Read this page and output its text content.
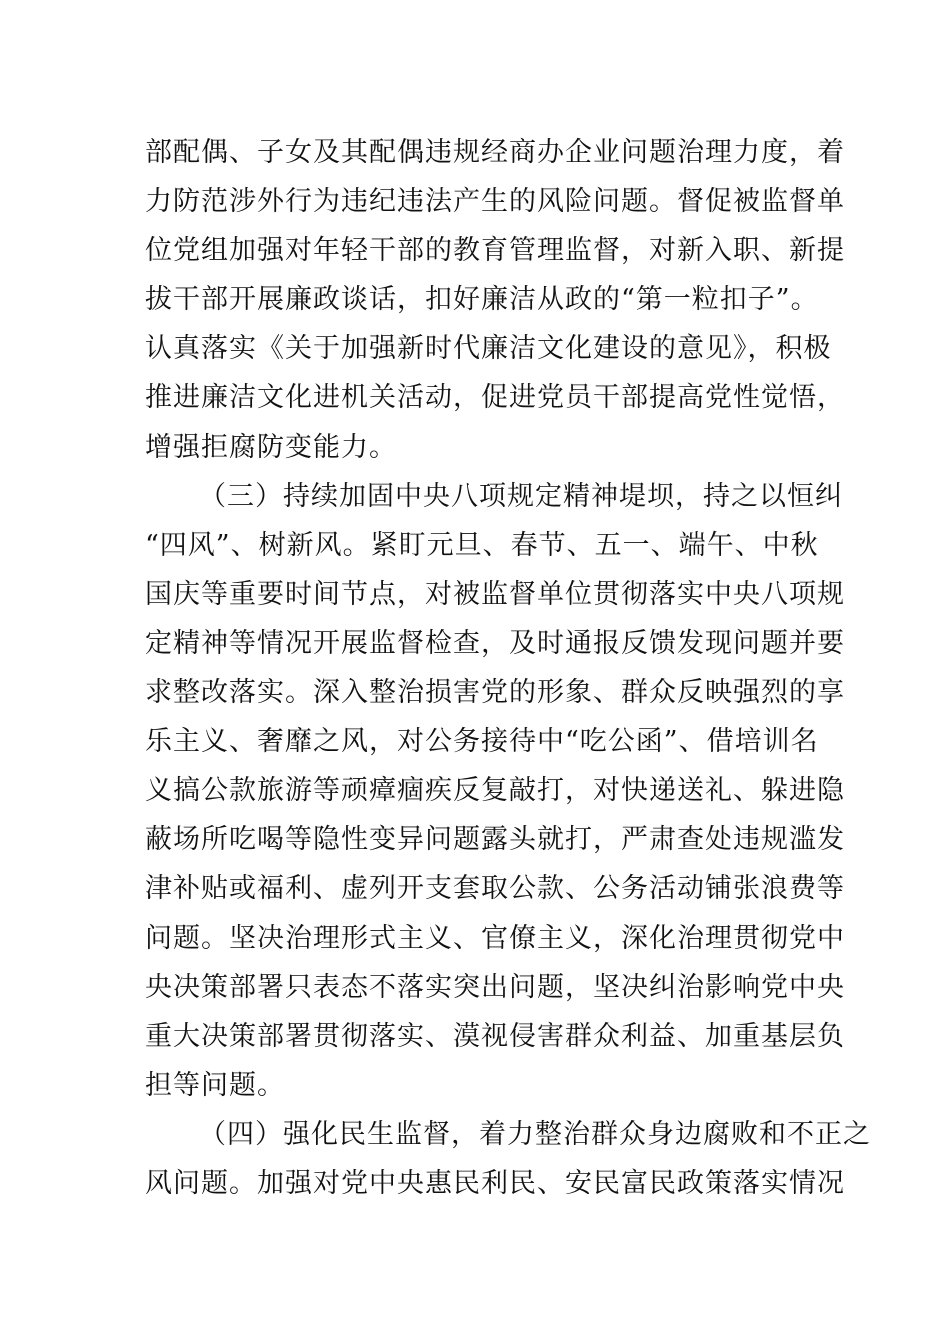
部配偶、子女及其配偶违规经商办企业问题治理力度，着
力防范涉外行为违纪违法产生的风险问题。督促被监督单
位党组加强对年轻干部的教育管理监督，对新入职、新提
拔干部开展廉政谈话，扣好廉洁从政的“第一粒扣子”。
认真落实《关于加强新时代廉洁文化建设的意见》，积极
推进廉洁文化进机关活动，促进党员干部提高党性觉悟，
增强拒腐防变能力。
（三）持续加固中央八项规定精神堤坝，持之以恒纠
“四风”、树新风。紧盯元旦、春节、五一、端午、中秋
国庆等重要时间节点，对被监督单位贯彻落实中央八项规
定精神等情况开展监督检查，及时通报反馈发现问题并要
求整改落实。深入整治损害党的形象、群众反映强烈的享
乐主义、奢靡之风，对公务接待中“吃公函”、借培训名
义搞公款旅游等顽瘴痼疾反复敲打，对快递送礼、躲进隐
蔽场所吃喝等隐性变异问题露头就打，严肃查处违规滥发
津补贴或福利、虚列开支套取公款、公务活动铺张浪费等
问题。坚决治理形式主义、官僚主义，深化治理贯彻党中
央决策部署只表态不落实突出问题，坚决纠治影响党中央
重大决策部署贯彻落实、漠视侵害群众利益、加重基层负
担等问题。
（四）强化民生监督，着力整治群众身边腐败和不正之
风问题。加强对党中央惠民利民、安民富民政策落实情况
